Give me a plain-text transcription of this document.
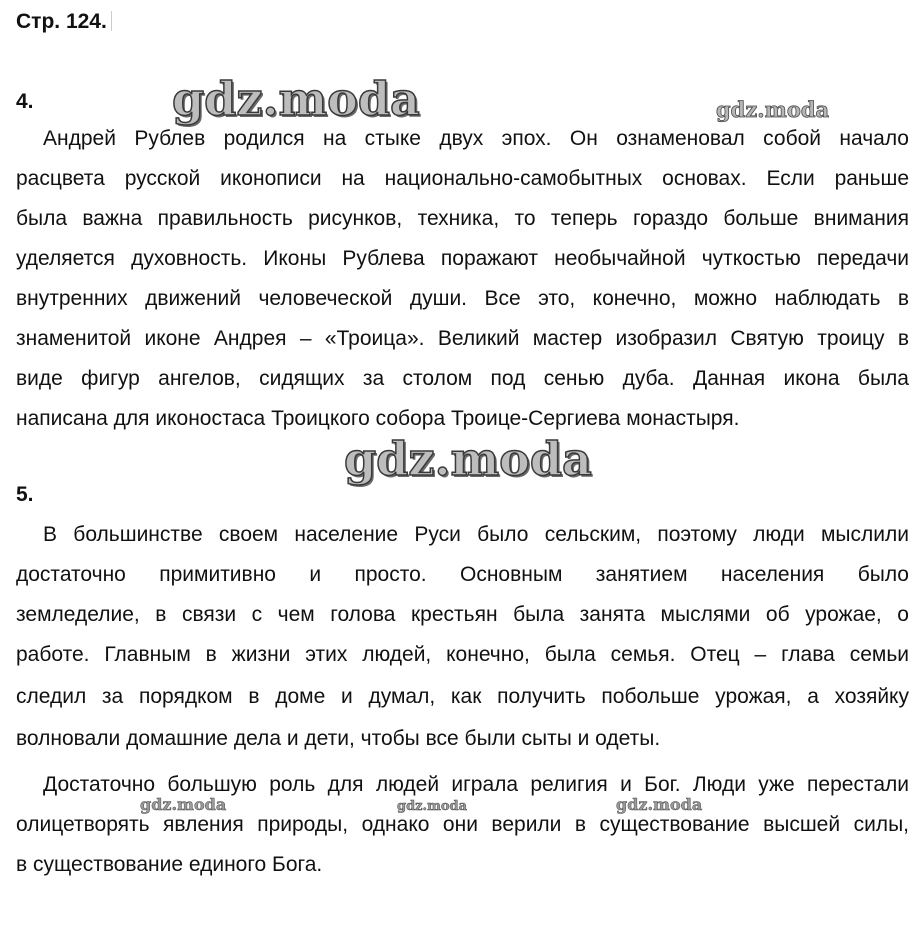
Стр. 124.
4.
Андрей Рублев родился на стыке двух эпох. Он ознаменовал собой начало
расцвета русской иконописи на национально-самобытных основах. Если раньше
была важна правильность рисунков, техника, то теперь гораздо больше внимания
уделяется духовность. Иконы Рублева поражают необычайной чуткостью передачи
внутренних движений человеческой души. Все это, конечно, можно наблюдать в
знаменитой иконе Андрея – «Троица». Великий мастер изобразил Святую троицу в
виде фигур ангелов, сидящих за столом под сенью дуба. Данная икона была
написана для иконостаса Троицкого собора Троице-Сергиева монастыря.
5.
В большинстве своем население Руси было сельским, поэтому люди мыслили
достаточно примитивно и просто. Основным занятием населения было
земледелие, в связи с чем голова крестьян была занята мыслями об урожае, о
работе. Главным в жизни этих людей, конечно, была семья. Отец – глава семьи
следил за порядком в доме и думал, как получить побольше урожая, а хозяйку
волновали домашние дела и дети, чтобы все были сыты и одеты.
Достаточно большую роль для людей играла религия и Бог. Люди уже перестали
олицетворять явления природы, однако они верили в существование высшей силы,
в существование единого Бога.
gdz.moda	gdz.moda
gdz.moda
gdz.moda	gdz.moda	gdz.moda
